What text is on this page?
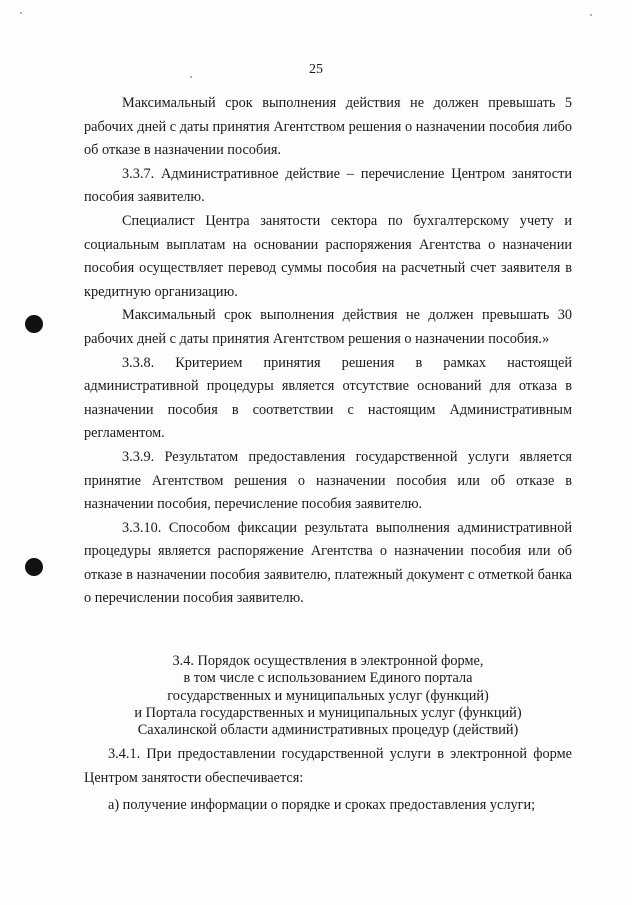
25

Максимальный срок выполнения действия не должен превышать 5 рабочих дней с даты принятия Агентством решения о назначении пособия либо об отказе в назначении пособия.

3.3.7. Административное действие – перечисление Центром занятости пособия заявителю.

Специалист Центра занятости сектора по бухгалтерскому учету и социальным выплатам на основании распоряжения Агентства о назначении пособия осуществляет перевод суммы пособия на расчетный счет заявителя в кредитную организацию.

Максимальный срок выполнения действия не должен превышать 30 рабочих дней с даты принятия Агентством решения о назначении пособия.»

3.3.8. Критерием принятия решения в рамках настоящей административной процедуры является отсутствие оснований для отказа в назначении пособия в соответствии с настоящим Административным регламентом.

3.3.9. Результатом предоставления государственной услуги является принятие Агентством решения о назначении пособия или об отказе в назначении пособия, перечисление пособия заявителю.

3.3.10. Способом фиксации результата выполнения административной процедуры является распоряжение Агентства о назначении пособия или об отказе в назначении пособия заявителю, платежный документ с отметкой банка о перечислении пособия заявителю.

3.4. Порядок осуществления в электронной форме,
в том числе с использованием Единого портала
государственных и муниципальных услуг (функций)
и Портала государственных и муниципальных услуг (функций)
Сахалинской области административных процедур (действий)

3.4.1. При предоставлении государственной услуги в электронной форме Центром занятости обеспечивается:

а) получение информации о порядке и сроках предоставления услуги;
